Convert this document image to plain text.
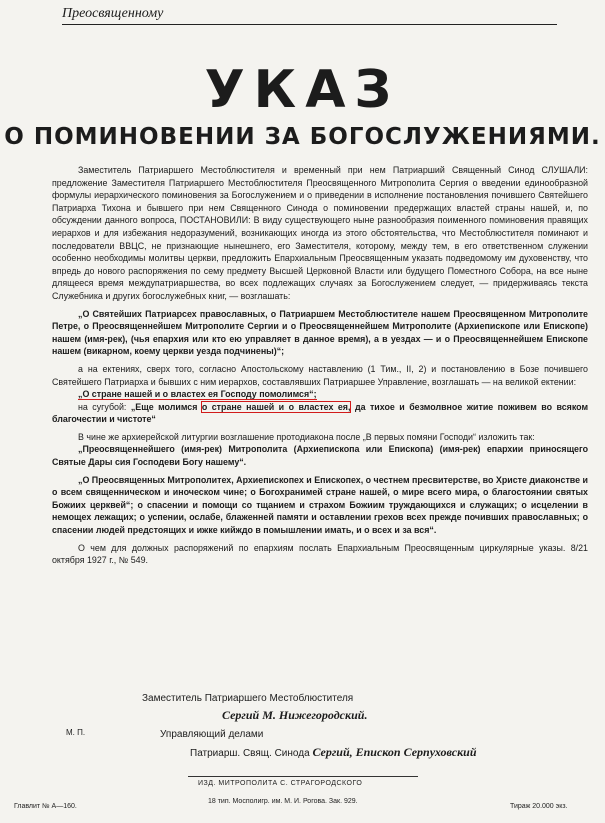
Преосвященному
УКАЗ
О ПОМИНОВЕНИИ ЗА БОГОСЛУЖЕНИЯМИ.

Заместитель Патриаршего Местоблюстителя и временный при нем Патриарший Священный Синод СЛУШАЛИ: предложение Заместителя Патриаршего Местоблюстителя Преосвященного Митрополита Сергия о введении единообразной формулы иерархического поминовения за Богослужением и о приведении в исполнение постановления почившего Святейшего Патриарха Тихона и бывшего при нем Священного Синода о поминовении предержащих властей страны нашей, и, по обсуждении данного вопроса, ПОСТАНОВИЛИ: В виду существующего ныне разнообразия поименного поминовения правящих иерархов и для избежания недоразумений, возникающих иногда из этого обстоятельства, что Местоблюстителя поминают и последователи ВВЦС, не признающие нынешнего, его Заместителя, которому, между тем, в его ответственном служении особенно необходимы молитвы церкви, предложить Епархиальным Преосвященным указать подведомому им духовенству, что впредь до нового распоряжения по сему предмету Высшей Церковной Власти или будущего Поместного Собора, на все ныне длящееся время междупатриаршества, во всех подлежащих случаях за Богослужением следует, — придерживаясь текста Служебника и других богослужебных книг, — возглашать:

„О Святейших Патриарсех православных, о Патриаршем Местоблюстителе нашем Преосвященном Митрополите Петре, о Преосвященнейшем Митрополите Сергии и о Преосвященнейшем Митрополите (Архиепископе или Епископе) нашем (имя-рек), (чья епархия или кто ею управляет в данное время), а в уездах — и о Преосвященнейшем Епископе нашем (викарном, коему церкви уезда подчинены)“;

а на ектениях, сверх того, согласно Апостольскому наставлению (1 Тим., II, 2) и постановлению в Бозе почившего Святейшего Патриарха и бывших с ним иерархов, составлявших Патриаршее Управление, возглашать — на великой ектении:

„О стране нашей и о властех ея Господу помолимся“;

на сугубой: „Еще молимся о стране нашей и о властех ея, да тихое и безмолвное житие поживем во всяком благочестии и чистоте“

В чине же архиерейской литургии возглашение протодиакона после „В первых помяни Господи“ изложить так:

„Преосвященнейшего (имя-рек) Митрополита (Архиепископа или Епископа) (имя-рек) епархии приносящего Святые Дары сия Господеви Богу нашему“.

„О Преосвященных Митрополитех, Архиепископех и Епископех, о честнем пресвитерстве, во Христе диаконстве и о всем священническом и иноческом чине; о Богохранимей стране нашей, о мире всего мира, о благостоянии святых Божиих церквей“; о спасении и помощи со тщанием и страхом Божиим труждающихся и служащих; о исцелении в немощех лежащих; о успении, ослабе, блаженней памяти и оставлении грехов всех прежде почивших православных; о спасении людей предстоящих и ижке кийждо в помышлении имать, и о всех и за вся“.

О чем для должных распоряжений по епархиям послать Епархиальным Преосвященным циркулярные указы. 8/21 октября 1927 г., № 549.

Заместитель Патриаршего Местоблюстителя
Сергий М. Нижегородский.
М. П.	Управляющий делами
Патриарш. Свящ. Синода Сергий, Епископ Серпуховский
ИЗД. МИТРОПОЛИТА С. СТРАГОРОДСКОГО
Главлит № А—160.
18 тип. Мосполигр. им. М. И. Рогова. Зак. 929.
Тираж 20.000 экз.
